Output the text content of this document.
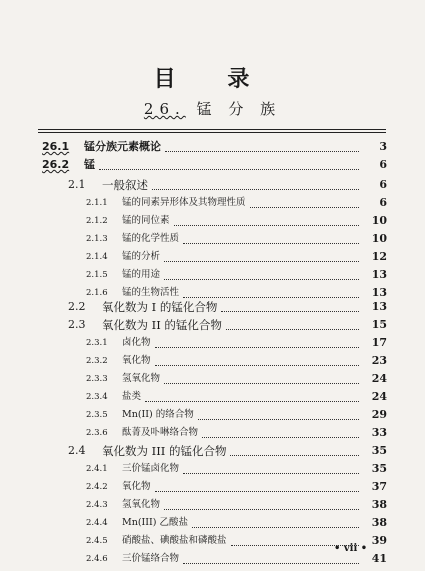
目 录
26. 锰 分 族
26.1	锰分族元素概论	3
26.2	锰	6
2.1	一般叙述	6
2.1.1	锰的同素异形体及其物理性质	6
2.1.2	锰的同位素	10
2.1.3	锰的化学性质	10
2.1.4	锰的分析	12
2.1.5	锰的用途	13
2.1.6	锰的生物活性	13
2.2	氧化数为 I 的锰化合物	13
2.3	氧化数为 II 的锰化合物	15
2.3.1	卤化物	17
2.3.2	氧化物	23
2.3.3	氢氧化物	24
2.3.4	盐类	24
2.3.5	Mn(II) 的络合物	29
2.3.6	酞菁及卟啉络合物	33
2.4	氧化数为 III 的锰化合物	35
2.4.1	三价锰卤化物	35
2.4.2	氧化物	37
2.4.3	氢氧化物	38
2.4.4	Mn(III) 乙酸盐	38
2.4.5	硝酸盐、碘酸盐和磷酸盐	39
2.4.6	三价锰络合物	41
• vii •
